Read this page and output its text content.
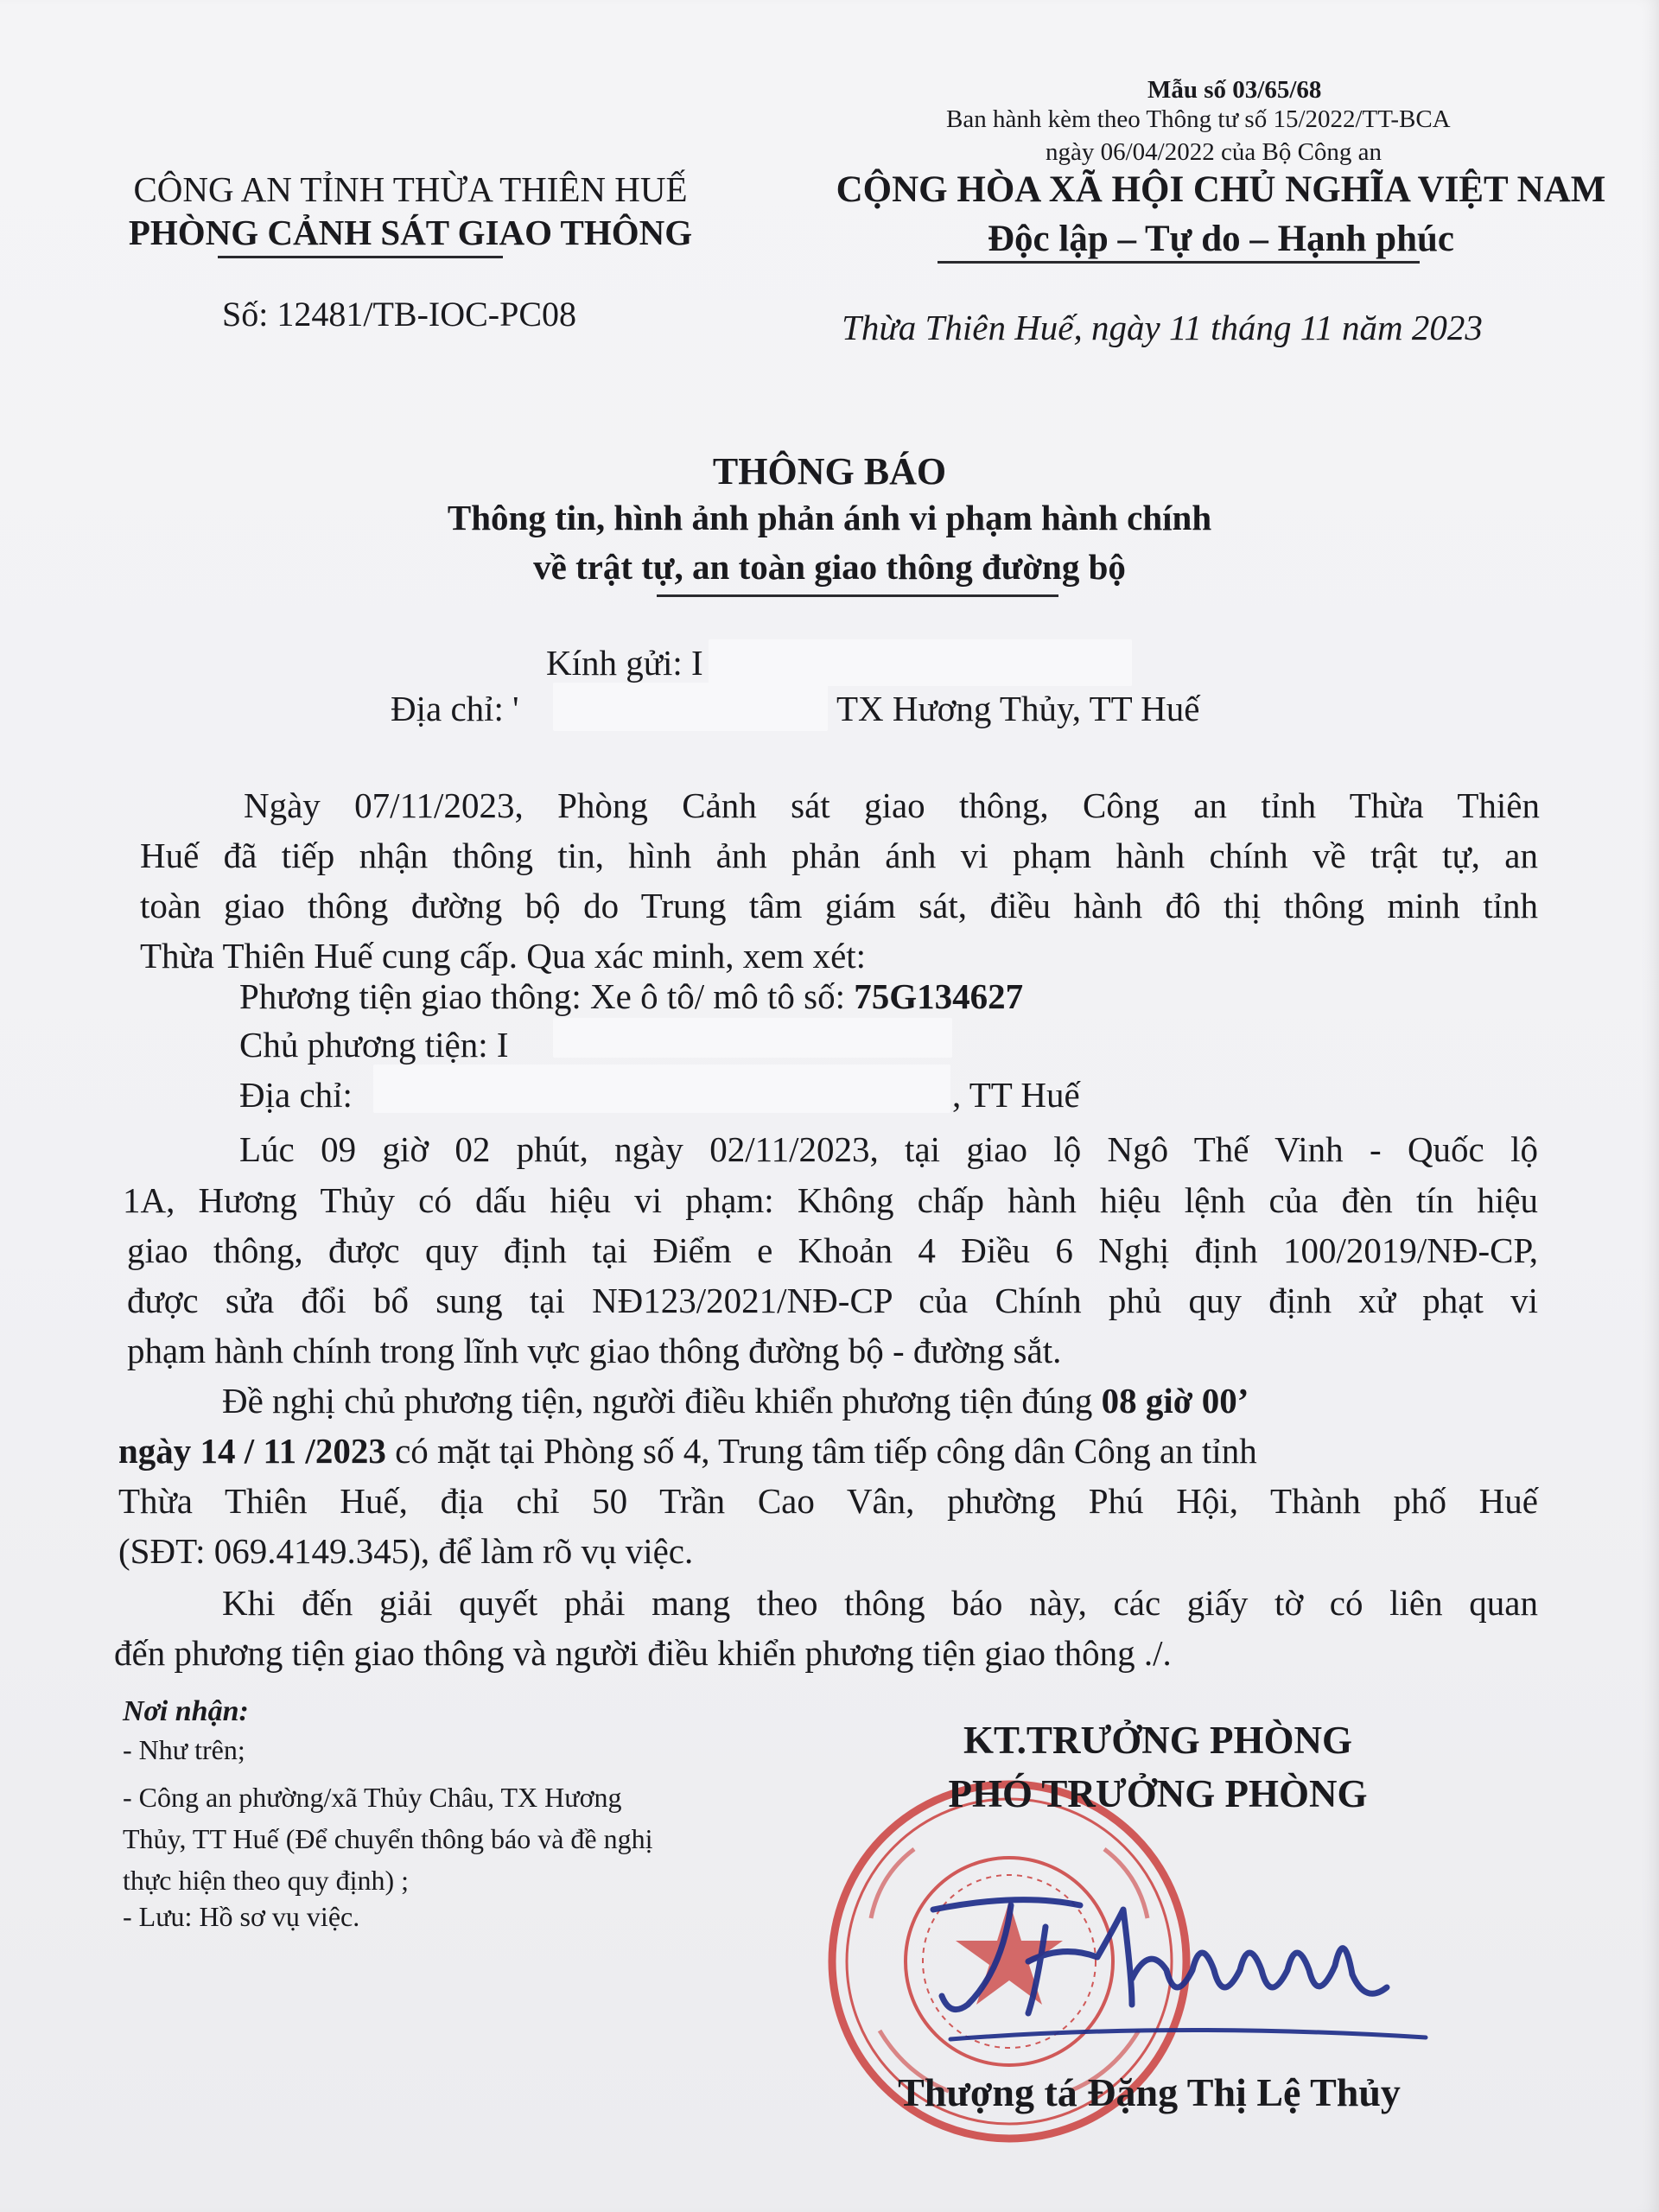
Mẫu số 03/65/68
Ban hành kèm theo Thông tư số 15/2022/TT-BCA
ngày 06/04/2022 của Bộ Công an
CÔNG AN TỈNH THỪA THIÊN HUẾ
PHÒNG CẢNH SÁT GIAO THÔNG
Số: 12481/TB-IOC-PC08
CỘNG HÒA XÃ HỘI CHỦ NGHĨA VIỆT NAM
Độc lập – Tự do – Hạnh phúc
Thừa Thiên Huế, ngày 11 tháng 11 năm 2023
THÔNG BÁO
Thông tin, hình ảnh phản ánh vi phạm hành chính
về trật tự, an toàn giao thông đường bộ
Kính gửi: I
Địa chỉ: '	TX Hương Thủy, TT Huế
Ngày 07/11/2023, Phòng Cảnh sát giao thông, Công an tỉnh Thừa Thiên
Huế đã tiếp nhận thông tin, hình ảnh phản ánh vi phạm hành chính về trật tự, an
toàn giao thông đường bộ do Trung tâm giám sát, điều hành đô thị thông minh tỉnh
Thừa Thiên Huế cung cấp. Qua xác minh, xem xét:
Phương tiện giao thông: Xe ô tô/ mô tô số: 75G134627
Chủ phương tiện: I
Địa chỉ:	, TT Huế
Lúc 09 giờ 02 phút, ngày 02/11/2023, tại giao lộ Ngô Thế Vinh - Quốc lộ
1A, Hương Thủy có dấu hiệu vi phạm: Không chấp hành hiệu lệnh của đèn tín hiệu
giao thông, được quy định tại Điểm e Khoản 4 Điều 6 Nghị định 100/2019/NĐ-CP,
được sửa đổi bổ sung tại NĐ123/2021/NĐ-CP của Chính phủ quy định xử phạt vi
phạm hành chính trong lĩnh vực giao thông đường bộ - đường sắt.
Đề nghị chủ phương tiện, người điều khiển phương tiện đúng 08 giờ 00’
ngày 14 / 11 /2023 có mặt tại Phòng số 4, Trung tâm tiếp công dân Công an tỉnh
Thừa Thiên Huế, địa chỉ 50 Trần Cao Vân, phường Phú Hội, Thành phố Huế
(SĐT: 069.4149.345), để làm rõ vụ việc.
Khi đến giải quyết phải mang theo thông báo này, các giấy tờ có liên quan
đến phương tiện giao thông và người điều khiển phương tiện giao thông ./.
Nơi nhận:
- Như trên;
- Công an phường/xã Thủy Châu, TX Hương
Thủy, TT Huế (Để chuyển thông báo và đề nghị
thực hiện theo quy định) ;
- Lưu: Hồ sơ vụ việc.
KT.TRƯỞNG PHÒNG
PHÓ TRƯỞNG PHÒNG
Thượng tá Đặng Thị Lệ Thủy
